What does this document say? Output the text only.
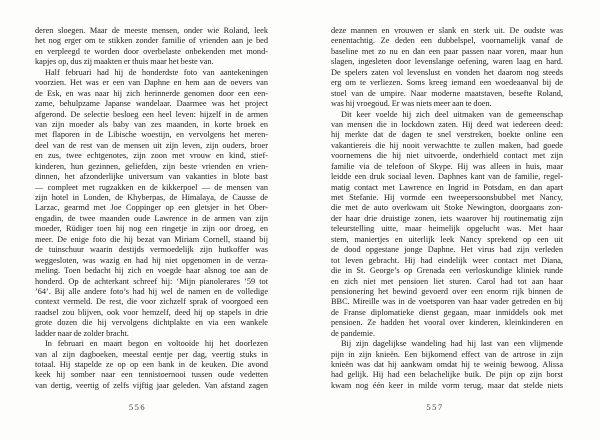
deren sloegen. Maar de meeste mensen, onder wie Roland, leek
het nog erger om te stikken zonder familie of vrienden aan je bed
en verpleegd te worden door overbelaste onbekenden met mond-
kapjes op, dus zij maakten er thuis maar het beste van.
Half februari had hij de honderdste foto van aantekeningen
voorzien. Het was er een van Daphne en hem aan de oevers van
de Esk, en was naar hij zich herinnerde genomen door een een-
zame, behulpzame Japanse wandelaar. Daarmee was het project
afgerond. De selectie besloeg een heel leven: hijzelf in de armen
van zijn moeder als baby van zes maanden, in korte broek en
met flaporen in de Libische woestijn, en vervolgens het meren-
deel van de rest van de mensen uit zijn leven, zijn ouders, broer
en zus, twee echtgenotes, zijn zoon met vrouw en kind, stief-
kinderen, hun gezinnen, geliefden, zijn beste vrienden en vrien-
dinnen, het afzonderlijke universum van vakanties in blote bast
— compleet met rugzakken en de kikkerpoel — de mensen van
zijn hotel in Londen, de Khyberpas, de Himalaya, de Causse de
Larzac, gearmd met Joe Coppinger op een gletsjer in het Ober-
engadin, de twee maanden oude Lawrence in de armen van zijn
moeder, Rüdiger toen hij nog een ringetje in zijn oor droeg, en
meer. De enige foto die hij bezat van Miriam Cornell, staand bij
de tuinschuur waarin destijds vermoedelijk zijn hutkoffer was
weggesloten, was wazig en had hij niet opgenomen in de verza-
meling. Toen bedacht hij zich en voegde haar alsnog toe aan de
honderd. Op de achterkant schreef hij: ‘Mijn pianolerares ’59 tot
’64’. Bij alle andere foto’s had hij wel de namen en de volledige
context vermeld. De rest, die voor zichzelf sprak of voorgoed een
raadsel zou blijven, ook voor hemzelf, deed hij op stapels in drie
grote dozen die hij vervolgens dichtplakte en via een wankele
ladder naar de zolder bracht.
In februari en maart begon en voltooide hij het doorlezen
van al zijn dagboeken, meestal eentje per dag, veertig stuks in
totaal. Hij stapelde ze op op een bank in de keuken. Die avond
keek hij somber naar een tennistoernooi tussen oude vedetten
van dertig, veertig of zelfs vijftig jaar geleden. Van afstand zagen
deze mannen en vrouwen er slank en sterk uit. De oudste was
eenentachtig. Ze deden een dubbelspel, voornamelijk vanaf de
baseline met zo nu en dan een paar passen naar voren, maar hun
slagen, ingesleten door levenslange oefening, waren laag en hard.
De spelers zaten vol levenslust en vonden het daarom nog steeds
erg om te verliezen. Soms kreeg iemand een woedeaanval bij de
stoel van de umpire. Naar moderne maatstaven, besefte Roland,
was hij vroegoud. Er was niets meer aan te doen.
Dit keer voelde hij zich deel uitmaken van de gemeenschap
van mensen die in lockdown zaten. Hij deed wat iedereen deed:
hij merkte dat de dagen te snel verstreken, boekte online een
vakantiereis die hij nooit verwachtte te zullen maken, had goede
voornemens die hij niet uitvoerde, onderhield contact met zijn
familie via de telefoon of Skype. Hij was alleen in huis, maar
leidde een druk sociaal leven. Daphnes kant van de familie, regel-
matig contact met Lawrence en Ingrid in Potsdam, en dan apart
met Stefanie. Hij vormde een tweepersoonsbubbel met Nancy,
die met de auto overkwam uit Stoke Newington, doorgaans zon-
der haar drie druistige zonen, iets waarover hij routinematig zijn
teleurstelling uitte, maar heimelijk opgelucht was. Met haar
stem, maniertjes en uiterlijk leek Nancy sprekend op een uit
de dood opgestane jonge Daphne. Het virus had zijn verleden
tot leven gebracht. Hij had eindelijk weer contact met Diana,
die in St. George’s op Grenada een verloskundige kliniek runde
en zich niet met pensioen liet sturen. Carol had tot aan haar
pensionering het bewind gevoerd over een enorm rijk binnen de
BBC. Mireille was in de voetsporen van haar vader getreden en bij
de Franse diplomatieke dienst gegaan, maar inmiddels ook met
pensioen. Ze hadden het vooral over kinderen, kleinkinderen en
de pandemie.
Bij zijn dagelijkse wandeling had hij last van een vlijmende
pijn in zijn knieën. Een bijkomend effect van de artrose in zijn
knieën was dat hij aankwam omdat hij te weinig bewoog. Alissa
had gelijk. Hij had een belachelijke buik. De pijn op zijn borst
kwam nog één keer in milde vorm terug, maar dat stelde niets
556	557
